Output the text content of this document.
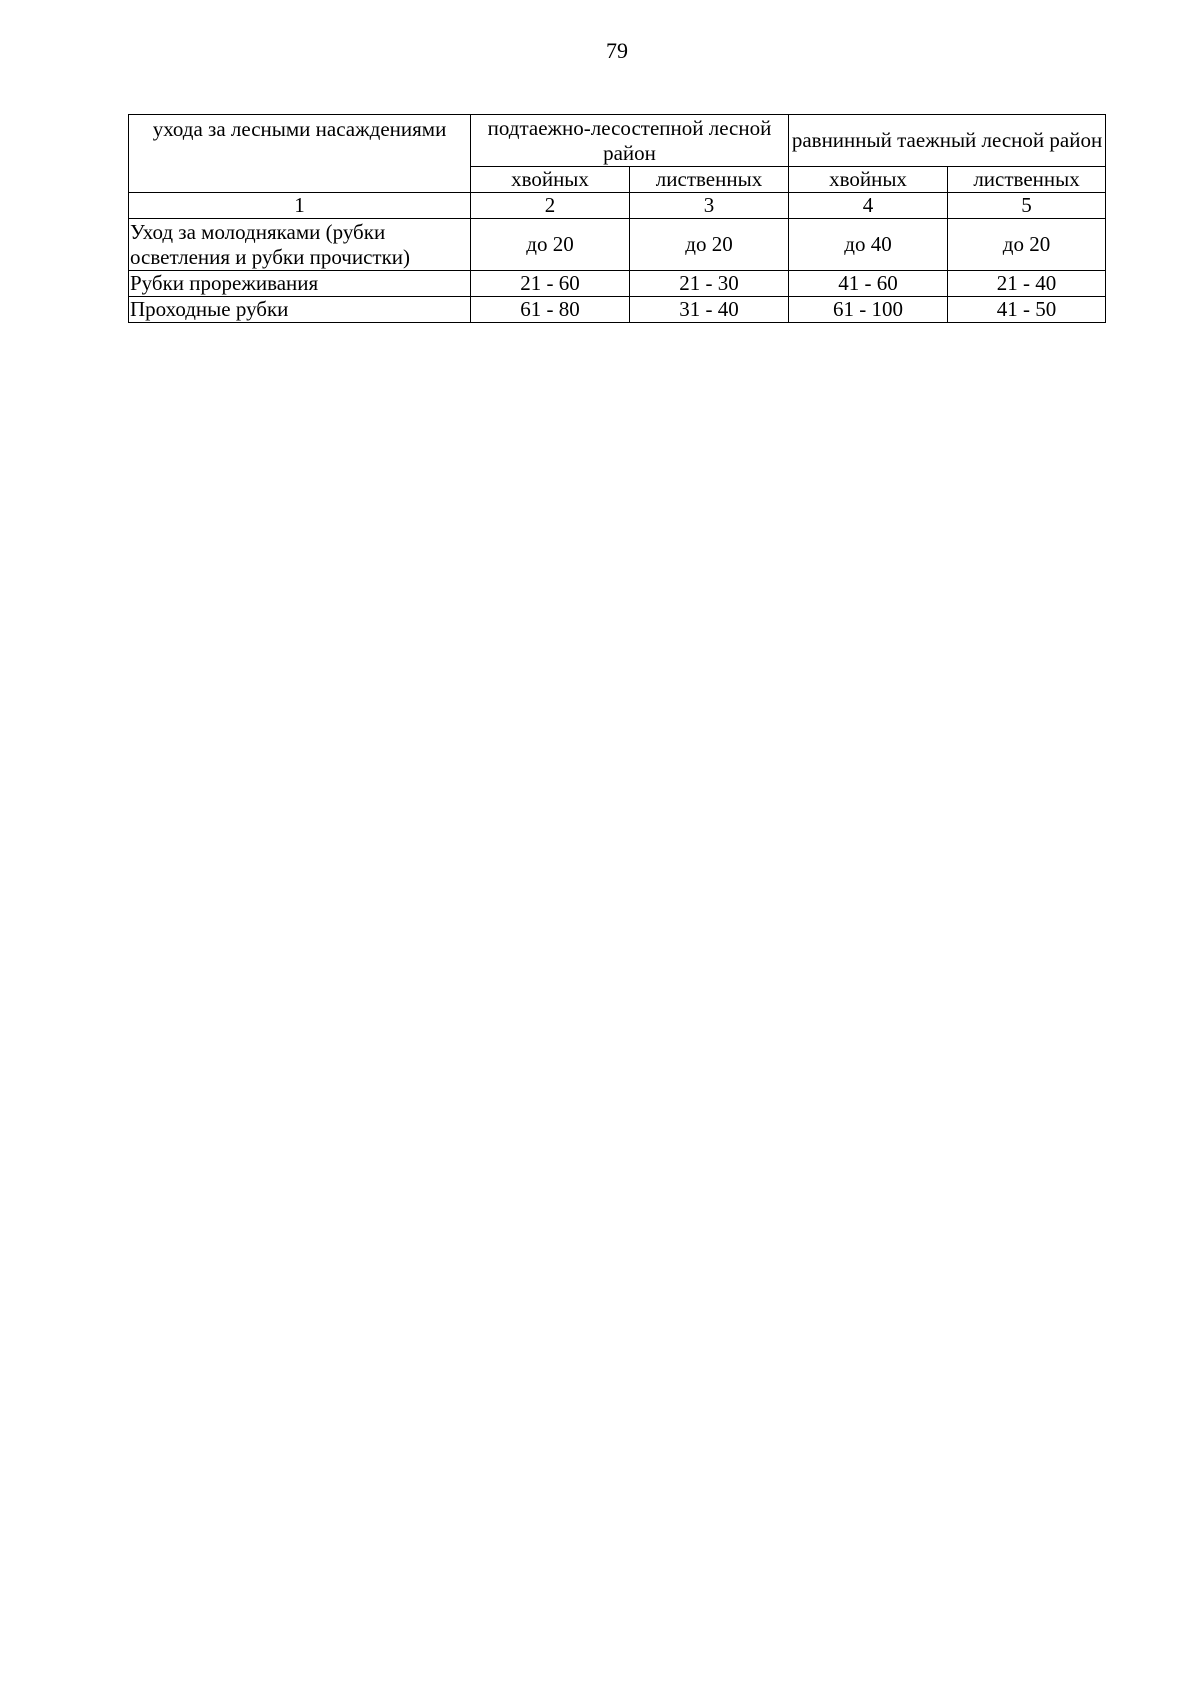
79
ухода за лесными насаждениями	подтаежно-лесостепной лесной район		равнинный таежный лесной район	
	хвойных	лиственных	хвойных	лиственных
1	2	3	4	5
Уход за молодняками (рубки осветления и рубки прочистки)	до 20	до 20	до 40	до 20
Рубки прореживания	21 - 60	21 - 30	41 - 60	21 - 40
Проходные рубки	61 - 80	31 - 40	61 - 100	41 - 50
